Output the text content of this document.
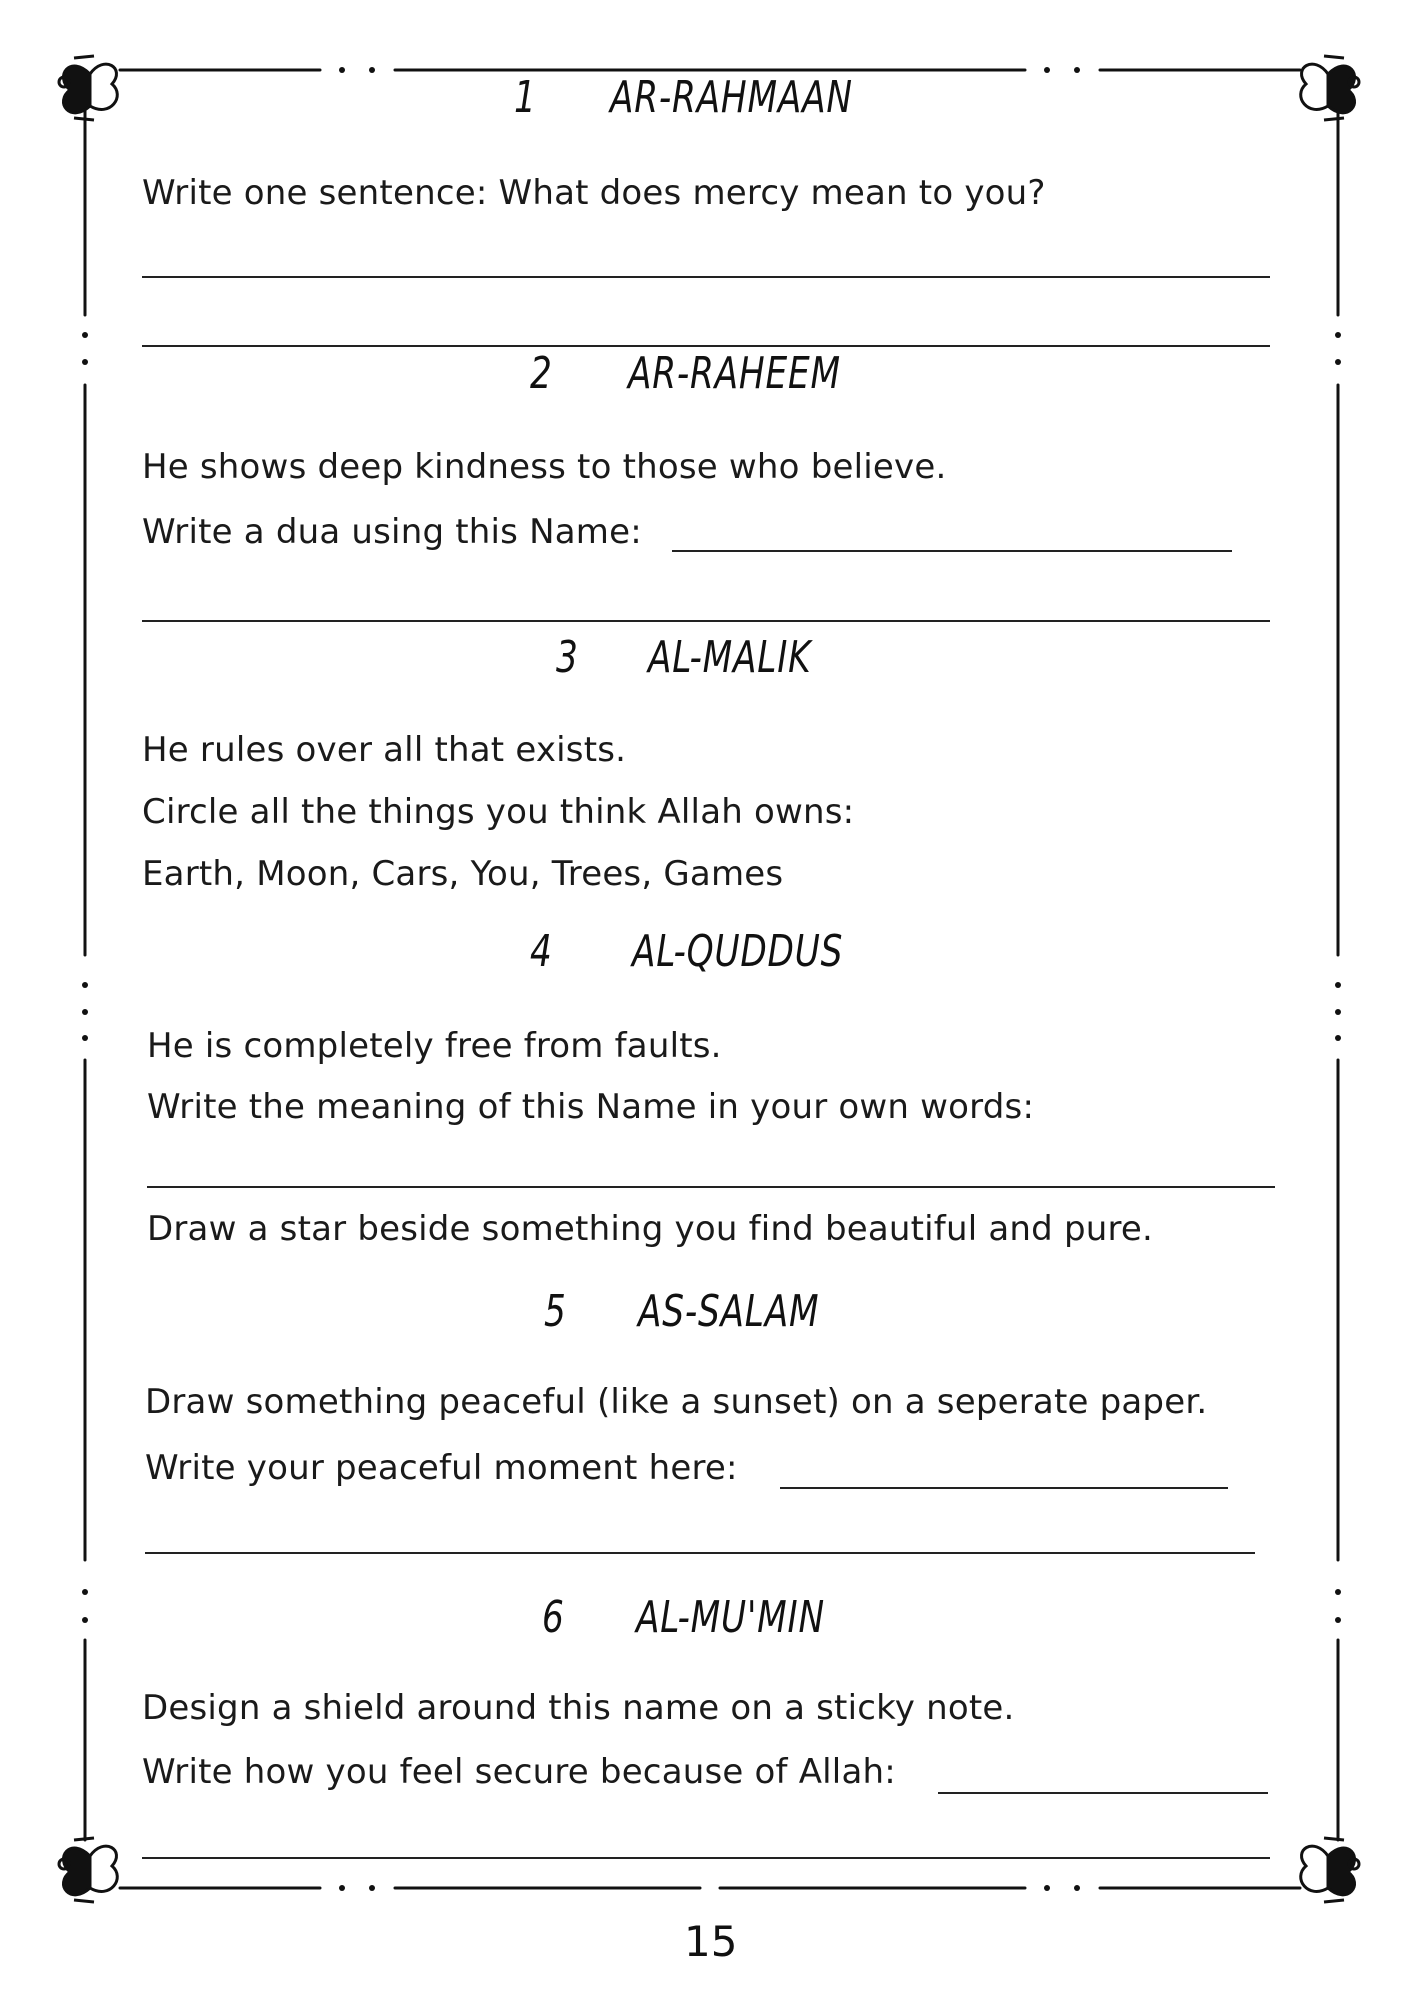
1 AR-RAHMAAN
Write one sentence: What does mercy mean to you?
2 AR-RAHEEM
He shows deep kindness to those who believe.
Write a dua using this Name:
3 AL-MALIK
He rules over all that exists.
Circle all the things you think Allah owns:
Earth, Moon, Cars, You, Trees, Games
4 AL-QUDDUS
He is completely free from faults.
Write the meaning of this Name in your own words:
Draw a star beside something you find beautiful and pure.
5 AS-SALAM
Draw something peaceful (like a sunset) on a seperate paper.
Write your peaceful moment here:
6 AL-MU'MIN
Design a shield around this name on a sticky note.
Write how you feel secure because of Allah:
15
